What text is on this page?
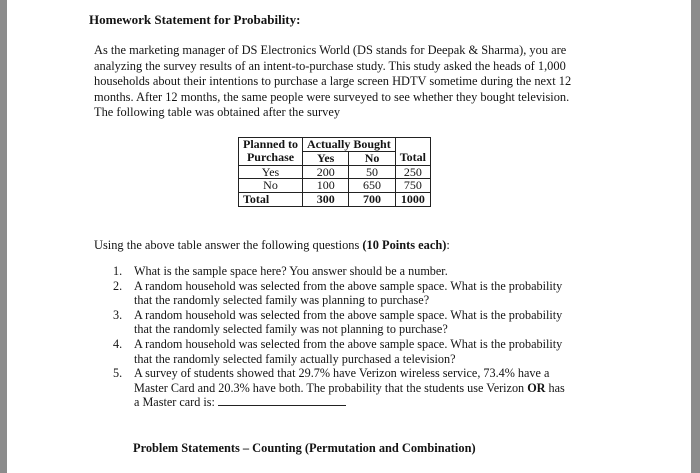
Homework Statement for Probability:
As the marketing manager of DS Electronics World (DS stands for Deepak & Sharma), you are
analyzing the survey results of an intent-to-purchase study. This study asked the heads of 1,000
households about their intentions to purchase a large screen HDTV sometime during the next 12
months. After 12 months, the same people were surveyed to see whether they bought television.
The following table was obtained after the survey
Planned to	Actually Bought		
Purchase	Yes	No	Total
Yes	200	50	250
No	100	650	750
Total	300	700	1000
Using the above table answer the following questions (10 Points each):
1. What is the sample space here? You answer should be a number.
2. A random household was selected from the above sample space. What is the probability
that the randomly selected family was planning to purchase?
3. A random household was selected from the above sample space. What is the probability
that the randomly selected family was not planning to purchase?
4. A random household was selected from the above sample space. What is the probability
that the randomly selected family actually purchased a television?
5. A survey of students showed that 29.7% have Verizon wireless service, 73.4% have a
Master Card and 20.3% have both. The probability that the students use Verizon OR has
a Master card is:
Problem Statements – Counting (Permutation and Combination)
